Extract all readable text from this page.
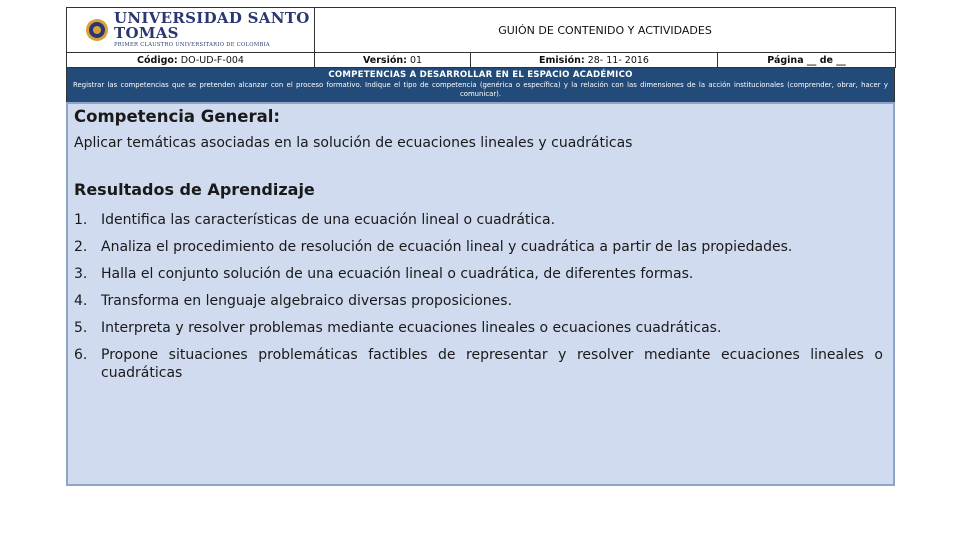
UNIVERSIDAD SANTO TOMAS
PRIMER CLAUSTRO UNIVERSITARIO DE COLOMBIA	GUIÓN DE CONTENIDO Y ACTIVIDADES		
Código: DO-UD-F-004	Versión: 01	Emisión: 28- 11- 2016	Página __ de __
COMPETENCIAS A DESARROLLAR EN EL ESPACIO ACADÉMICO
Registrar las competencias que se pretenden alcanzar con el proceso formativo. Indique el tipo de competencia (genérica o específica) y la relación con las dimensiones de la acción institucionales (comprender, obrar, hacer y comunicar).
Competencia General:
Aplicar temáticas asociadas en la solución de ecuaciones lineales y cuadráticas
Resultados de Aprendizaje
1. Identifica las características de una ecuación lineal o cuadrática.
2. Analiza el procedimiento de resolución de ecuación lineal y cuadrática a partir de las propiedades.
3. Halla el conjunto solución de una ecuación lineal o cuadrática, de diferentes formas.
4. Transforma en lenguaje algebraico diversas proposiciones.
5. Interpreta y resolver problemas mediante ecuaciones lineales o ecuaciones cuadráticas.
6. Propone situaciones problemáticas factibles de representar y resolver mediante ecuaciones lineales o cuadráticas
